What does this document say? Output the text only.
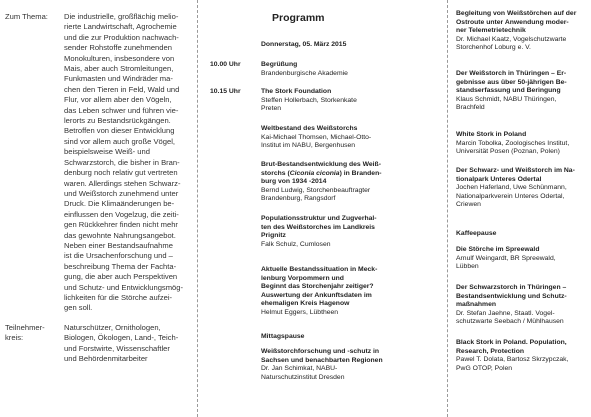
Zum Thema:	Die industrielle, großflächig melio-
rierte Landwirtschaft, Agrochemie
und die zur Produktion nachwach-
sender Rohstoffe zunehmenden
Monokulturen, insbesondere von
Mais, aber auch Stromleitungen,
Funkmasten und Windräder ma-
chen den Tieren in Feld, Wald und
Flur, vor allem aber den Vögeln,
das Leben schwer und führen vie-
lerorts zu Bestandsrückgängen.
Betroffen von dieser Entwicklung
sind vor allem auch große Vögel,
beispielsweise Weiß- und
Schwarzstorch, die bisher in Bran-
denburg noch relativ gut vertreten
waren. Allerdings stehen Schwarz-
und Weißstorch zunehmend unter
Druck. Die Klimaänderungen be-
einflussen den Vogelzug, die zeiti-
gen Rückkehrer finden nicht mehr
das gewohnte Nahrungsangebot.
Neben einer Bestandsaufnahme
ist die Ursachenforschung und –
beschreibung Thema der Fachta-
gung, die aber auch Perspektiven
und Schutz- und Entwicklungsmög-
lichkeiten für die Störche aufzei-
gen soll.
Teilnehmer-
kreis:
Naturschützer, Ornithologen,
Biologen, Ökologen, Land-, Teich-
und Forstwirte, Wissenschaftler
und Behördenmitarbeiter
Programm
Donnerstag, 05. März 2015
10.00 Uhr	Begrüßung
Brandenburgische Akademie
10.15 Uhr	The Stork Foundation
Steffen Hollerbach, Storkenkate
Preten
Weltbestand des Weißstorchs
Kai-Michael Thomsen, Michael-Otto-
Institut im NABU, Bergenhusen
Brut-Bestandsentwicklung des Weiß-
storchs (Ciconia ciconia) in Branden-
burg von 1934 -2014
Bernd Ludwig, Storchenbeauftragter
Brandenburg, Rangsdorf
Populationsstruktur und Zugverhal-
ten des Weißstorches im Landkreis
Prignitz
Falk Schulz, Cumlosen
Aktuelle Bestandssituation in Meck-
lenburg Vorpommern und
Beginnt das Storchenjahr zeitiger?
Auswertung der Ankunftsdaten im
ehemaligen Kreis Hagenow
Helmut Eggers, Lübtheen
Mittagspause
Weißstorchforschung und -schutz in
Sachsen und benachbarten Regionen
Dr. Jan Schimkat, NABU-
Naturschutzinstitut Dresden
Begleitung von Weißstörchen auf der
Ostroute unter Anwendung moder-
ner Telemetrietechnik
Dr. Michael Kaatz, Vogelschutzwarte
Storchenhof Loburg e. V.
Der Weißstorch in Thüringen – Er-
gebnisse aus über 50-jährigen Be-
standserfassung und Beringung
Klaus Schmidt, NABU Thüringen,
Brachfeld
White Stork in Poland
Marcin Tobolka, Zoologisches Institut,
Universität Posen (Poznan, Polen)
Der Schwarz- und Weißstorch im Na-
tionalpark Unteres Odertal
Jochen Haferland, Uwe Schünmann,
Nationalparkverein Unteres Odertal,
Criewen
Kaffeepause
Die Störche im Spreewald
Arnulf Weingardt, BR Spreewald,
Lübben
Der Schwarzstorch in Thüringen –
Bestandsentwicklung und Schutz-
maßnahmen
Dr. Stefan Jaehne, Staatl. Vogel-
schutzwarte Seebach / Mühlhausen
Black Stork in Poland. Population,
Research, Protection
Pawel T. Dolata, Bartosz Skrzypczak,
PwG OTOP, Polen
